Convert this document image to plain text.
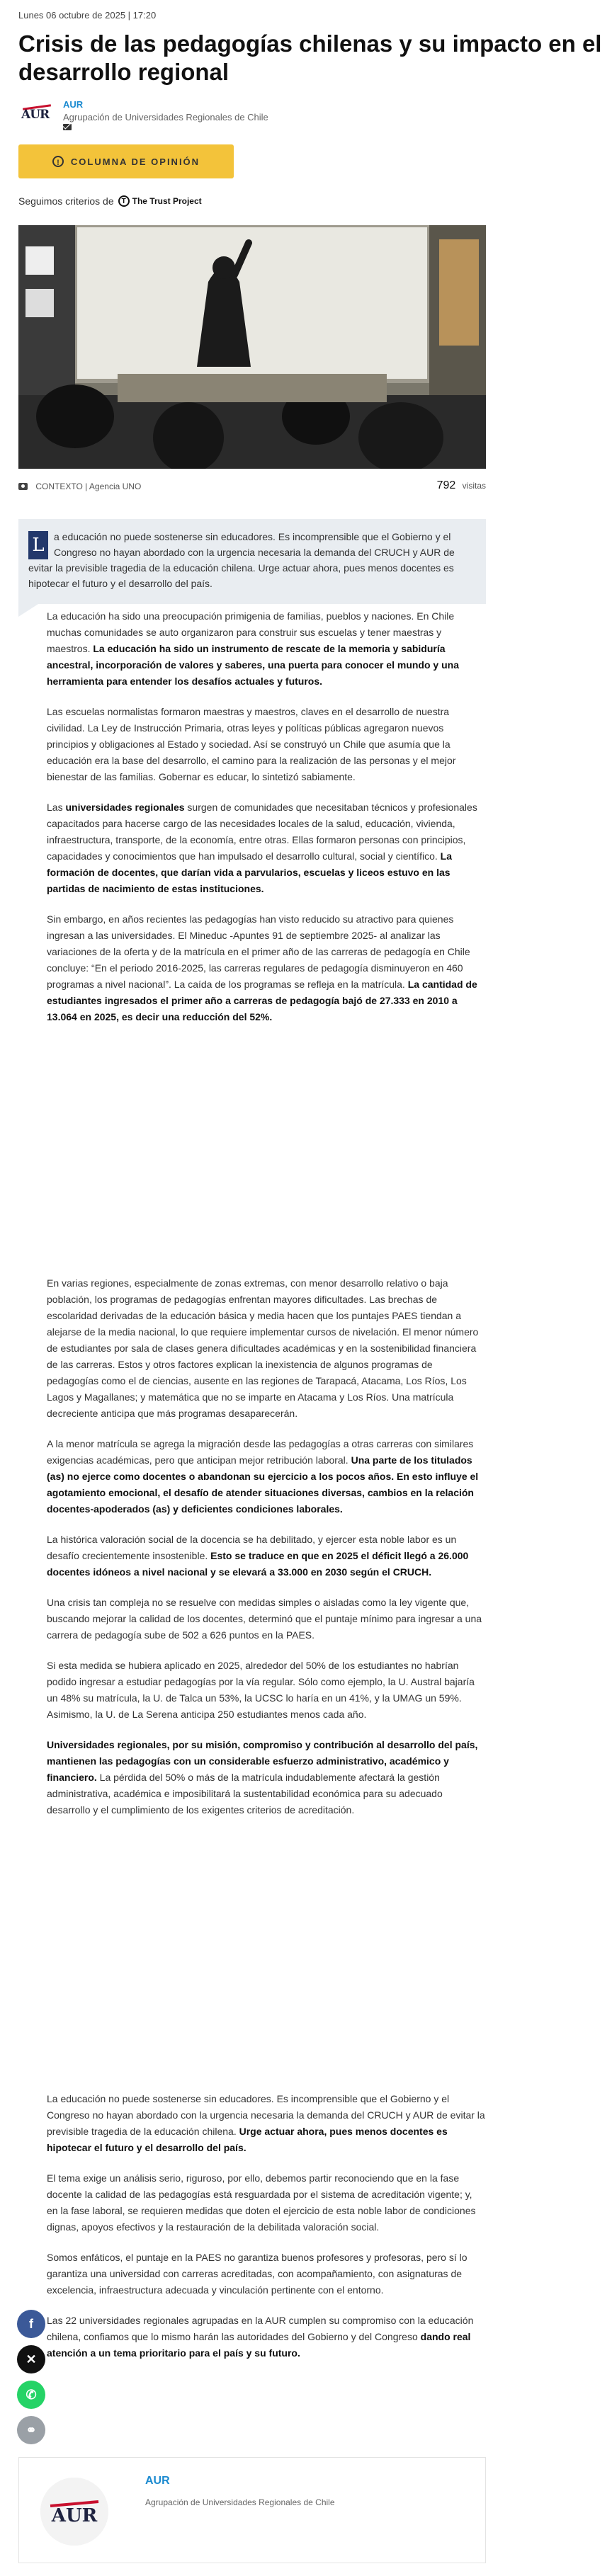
Lunes 06 octubre de 2025 | 17:20
Crisis de las pedagogías chilenas y su impacto en el desarrollo regional
AUR
AUR
Agrupación de Universidades Regionales de Chile
!	COLUMNA DE OPINIÓN
Seguimos criterios de	T The Trust Project
CONTEXTO | Agencia UNO	792 visitas
L a educación no puede sostenerse sin educadores. Es incomprensible que el Gobierno y el Congreso no hayan abordado con la urgencia necesaria la demanda del CRUCH y AUR de evitar la previsible tragedia de la educación chilena. Urge actuar ahora, pues menos docentes es hipotecar el futuro y el desarrollo del país.

La educación ha sido una preocupación primigenia de familias, pueblos y naciones. En Chile muchas comunidades se auto organizaron para construir sus escuelas y tener maestras y maestros. La educación ha sido un instrumento de rescate de la memoria y sabiduría ancestral, incorporación de valores y saberes, una puerta para conocer el mundo y una herramienta para entender los desafíos actuales y futuros.

Las escuelas normalistas formaron maestras y maestros, claves en el desarrollo de nuestra civilidad. La Ley de Instrucción Primaria, otras leyes y políticas públicas agregaron nuevos principios y obligaciones al Estado y sociedad. Así se construyó un Chile que asumía que la educación era la base del desarrollo, el camino para la realización de las personas y el mejor bienestar de las familias. Gobernar es educar, lo sintetizó sabiamente.

Las universidades regionales surgen de comunidades que necesitaban técnicos y profesionales capacitados para hacerse cargo de las necesidades locales de la salud, educación, vivienda, infraestructura, transporte, de la economía, entre otras. Ellas formaron personas con principios, capacidades y conocimientos que han impulsado el desarrollo cultural, social y científico. La formación de docentes, que darían vida a parvularios, escuelas y liceos estuvo en las partidas de nacimiento de estas instituciones.

Sin embargo, en años recientes las pedagogías han visto reducido su atractivo para quienes ingresan a las universidades. El Mineduc -Apuntes 91 de septiembre 2025- al analizar las variaciones de la oferta y de la matrícula en el primer año de las carreras de pedagogía en Chile concluye: “En el periodo 2016-2025, las carreras regulares de pedagogía disminuyeron en 460 programas a nivel nacional”. La caída de los programas se refleja en la matrícula. La cantidad de estudiantes ingresados el primer año a carreras de pedagogía bajó de 27.333 en 2010 a 13.064 en 2025, es decir una reducción del 52%.

En varias regiones, especialmente de zonas extremas, con menor desarrollo relativo o baja población, los programas de pedagogías enfrentan mayores dificultades. Las brechas de escolaridad derivadas de la educación básica y media hacen que los puntajes PAES tiendan a alejarse de la media nacional, lo que requiere implementar cursos de nivelación. El menor número de estudiantes por sala de clases genera dificultades académicas y en la sostenibilidad financiera de las carreras. Estos y otros factores explican la inexistencia de algunos programas de pedagogías como el de ciencias, ausente en las regiones de Tarapacá, Atacama, Los Ríos, Los Lagos y Magallanes; y matemática que no se imparte en Atacama y Los Ríos. Una matrícula decreciente anticipa que más programas desaparecerán.

A la menor matrícula se agrega la migración desde las pedagogías a otras carreras con similares exigencias académicas, pero que anticipan mejor retribución laboral. Una parte de los titulados (as) no ejerce como docentes o abandonan su ejercicio a los pocos años. En esto influye el agotamiento emocional, el desafío de atender situaciones diversas, cambios en la relación docentes-apoderados (as) y deficientes condiciones laborales.

La histórica valoración social de la docencia se ha debilitado, y ejercer esta noble labor es un desafío crecientemente insostenible. Esto se traduce en que en 2025 el déficit llegó a 26.000 docentes idóneos a nivel nacional y se elevará a 33.000 en 2030 según el CRUCH.

Una crisis tan compleja no se resuelve con medidas simples o aisladas como la ley vigente que, buscando mejorar la calidad de los docentes, determinó que el puntaje mínimo para ingresar a una carrera de pedagogía sube de 502 a 626 puntos en la PAES.

Si esta medida se hubiera aplicado en 2025, alrededor del 50% de los estudiantes no habrían podido ingresar a estudiar pedagogías por la vía regular. Sólo como ejemplo, la U. Austral bajaría un 48% su matrícula, la U. de Talca un 53%, la UCSC lo haría en un 41%, y la UMAG un 59%. Asimismo, la U. de La Serena anticipa 250 estudiantes menos cada año.

Universidades regionales, por su misión, compromiso y contribución al desarrollo del país, mantienen las pedagogías con un considerable esfuerzo administrativo, académico y financiero. La pérdida del 50% o más de la matrícula indudablemente afectará la gestión administrativa, académica e imposibilitará la sustentabilidad económica para su adecuado desarrollo y el cumplimiento de los exigentes criterios de acreditación.

La educación no puede sostenerse sin educadores. Es incomprensible que el Gobierno y el Congreso no hayan abordado con la urgencia necesaria la demanda del CRUCH y AUR de evitar la previsible tragedia de la educación chilena. Urge actuar ahora, pues menos docentes es hipotecar el futuro y el desarrollo del país.

El tema exige un análisis serio, riguroso, por ello, debemos partir reconociendo que en la fase docente la calidad de las pedagogías está resguardada por el sistema de acreditación vigente; y, en la fase laboral, se requieren medidas que doten el ejercicio de esta noble labor de condiciones dignas, apoyos efectivos y la restauración de la debilitada valoración social.

Somos enfáticos, el puntaje en la PAES no garantiza buenos profesores y profesoras, pero sí lo garantiza una universidad con carreras acreditadas, con acompañamiento, con asignaturas de excelencia, infraestructura adecuada y vinculación pertinente con el entorno.

Las 22 universidades regionales agrupadas en la AUR cumplen su compromiso con la educación chilena, confiamos que lo mismo harán las autoridades del Gobierno y del Congreso dando real atención a un tema prioritario para el país y su futuro.

f
✕
✆
⚭
AUR
AUR
Agrupación de Universidades Regionales de Chile
